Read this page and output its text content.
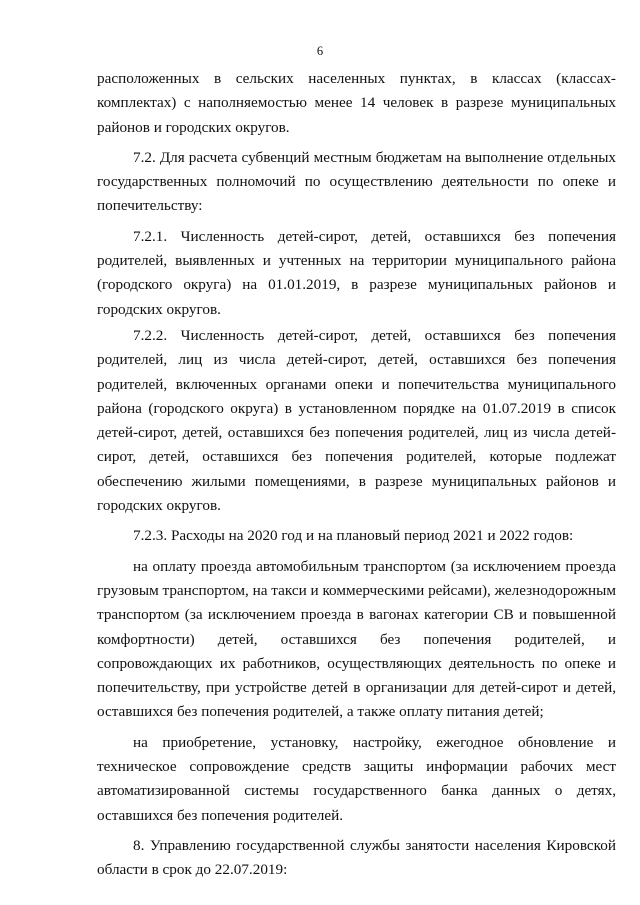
6

расположенных в сельских населенных пунктах, в классах (классах-комплектах) с наполняемостью менее 14 человек в разрезе муниципальных районов и городских округов.

7.2. Для расчета субвенций местным бюджетам на выполнение отдельных государственных полномочий по осуществлению деятельности по опеке и попечительству:

7.2.1. Численность детей-сирот, детей, оставшихся без попечения родителей, выявленных и учтенных на территории муниципального района (городского округа) на 01.01.2019, в разрезе муниципальных районов и городских округов.

7.2.2. Численность детей-сирот, детей, оставшихся без попечения родителей, лиц из числа детей-сирот, детей, оставшихся без попечения родителей, включенных органами опеки и попечительства муниципального района (городского округа) в установленном порядке на 01.07.2019 в список детей-сирот, детей, оставшихся без попечения родителей, лиц из числа детей-сирот, детей, оставшихся без попечения родителей, которые подлежат обеспечению жилыми помещениями, в разрезе муниципальных районов и городских округов.

7.2.3. Расходы на 2020 год и на плановый период 2021 и 2022 годов:

на оплату проезда автомобильным транспортом (за исключением проезда грузовым транспортом, на такси и коммерческими рейсами), железнодорожным транспортом (за исключением проезда в вагонах категории СВ и повышенной комфортности) детей, оставшихся без попечения родителей, и сопровождающих их работников, осуществляющих деятельность по опеке и попечительству, при устройстве детей в организации для детей-сирот и детей, оставшихся без попечения родителей, а также оплату питания детей;

на приобретение, установку, настройку, ежегодное обновление и техническое сопровождение средств защиты информации рабочих мест автоматизированной системы государственного банка данных о детях, оставшихся без попечения родителей.

8. Управлению государственной службы занятости населения Кировской области в срок до 22.07.2019:
